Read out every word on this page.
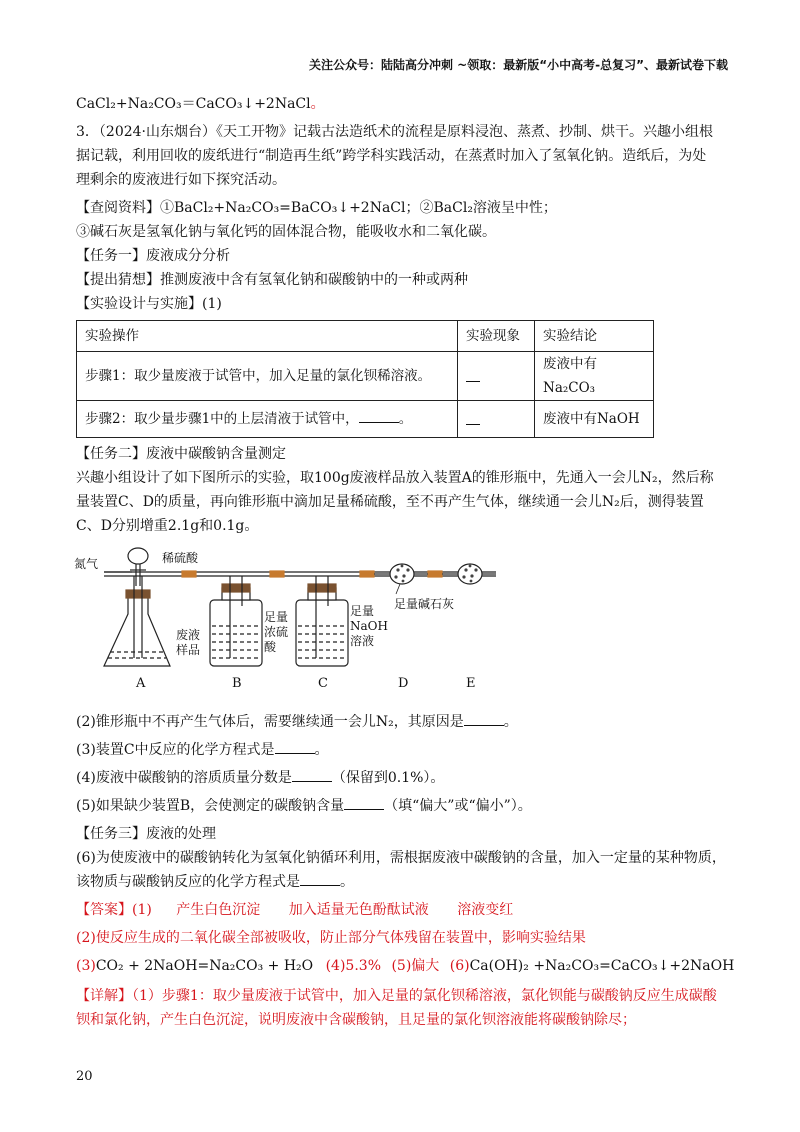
关注公众号：陆陆高分冲刺 ~领取：最新版“小中高考-总复习”、最新试卷下载

CaCl₂+Na₂CO₃＝CaCO₃↓+2NaCl。

3．（2024·山东烟台）《天工开物》记载古法造纸术的流程是原料浸泡、蒸煮、抄制、烘干。兴趣小组根

据记载，利用回收的废纸进行“制造再生纸”跨学科实践活动，在蒸煮时加入了氢氧化钠。造纸后，为处

理剩余的废液进行如下探究活动。

【查阅资料】①BaCl₂+Na₂CO₃=BaCO₃↓+2NaCl；②BaCl₂溶液呈中性；

③碱石灰是氢氧化钠与氧化钙的固体混合物，能吸收水和二氧化碳。

【任务一】废液成分分析

【提出猜想】推测废液中含有氢氧化钠和碳酸钠中的一种或两种

【实验设计与实施】(1)

实验操作	实验现象	实验结论
步骤1：取少量废液于试管中，加入足量的氯化钡稀溶液。		废液中有Na₂CO₃
步骤2：取少量步骤1中的上层清液于试管中， 。		废液中有NaOH

【任务二】废液中碳酸钠含量测定

兴趣小组设计了如下图所示的实验，取100g废液样品放入装置A的锥形瓶中，先通入一会儿N₂，然后称

量装置C、D的质量，再向锥形瓶中滴加足量稀硫酸，至不再产生气体，继续通一会儿N₂后，测得装置

C、D分别增重2.1g和0.1g。

氮气	稀硫酸
废液
样品
足量
浓硫
酸
足量
NaOH
溶液
足量碱石灰
A	B	C	D	E

(2)锥形瓶中不再产生气体后，需要继续通一会儿N₂，其原因是	。

(3)装置C中反应的化学方程式是	。

(4)废液中碳酸钠的溶质质量分数是	（保留到0.1%）。

(5)如果缺少装置B，会使测定的碳酸钠含量	（填“偏大”或“偏小”）。

【任务三】废液的处理

(6)为使废液中的碳酸钠转化为氢氧化钠循环利用，需根据废液中碳酸钠的含量，加入一定量的某种物质，

该物质与碳酸钠反应的化学方程式是	。

【答案】(1) 产生白色沉淀 加入适量无色酚酞试液 溶液变红

(2)使反应生成的二氧化碳全部被吸收，防止部分气体残留在装置中，影响实验结果

(3)CO₂ + 2NaOH=Na₂CO₃ + H₂O (4)5.3% (5)偏大 (6)Ca(OH)₂ +Na₂CO₃=CaCO₃↓+2NaOH

【详解】（1）步骤1：取少量废液于试管中，加入足量的氯化钡稀溶液，氯化钡能与碳酸钠反应生成碳酸

钡和氯化钠，产生白色沉淀，说明废液中含碳酸钠，且足量的氯化钡溶液能将碳酸钠除尽；

20
